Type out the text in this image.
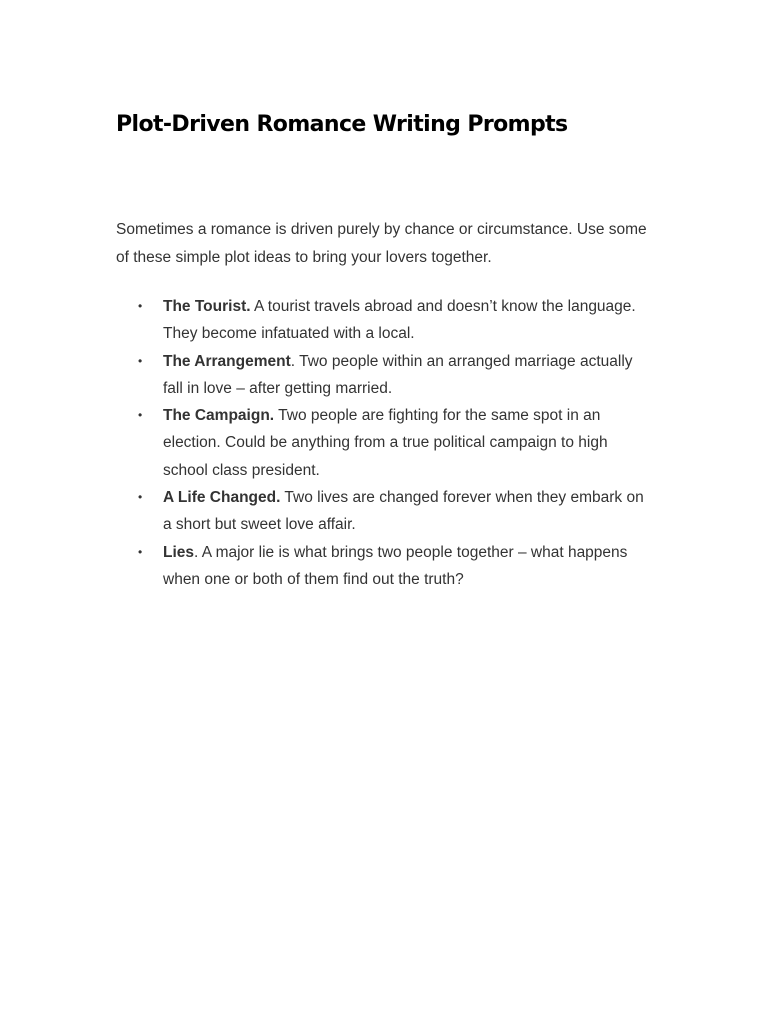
Plot-Driven Romance Writing Prompts

Sometimes a romance is driven purely by chance or circumstance. Use some of these simple plot ideas to bring your lovers together.

• The Tourist. A tourist travels abroad and doesn’t know the language. They become infatuated with a local.
• The Arrangement. Two people within an arranged marriage actually fall in love – after getting married.
• The Campaign. Two people are fighting for the same spot in an election. Could be anything from a true political campaign to high school class president.
• A Life Changed. Two lives are changed forever when they embark on a short but sweet love affair.
• Lies. A major lie is what brings two people together – what happens when one or both of them find out the truth?
